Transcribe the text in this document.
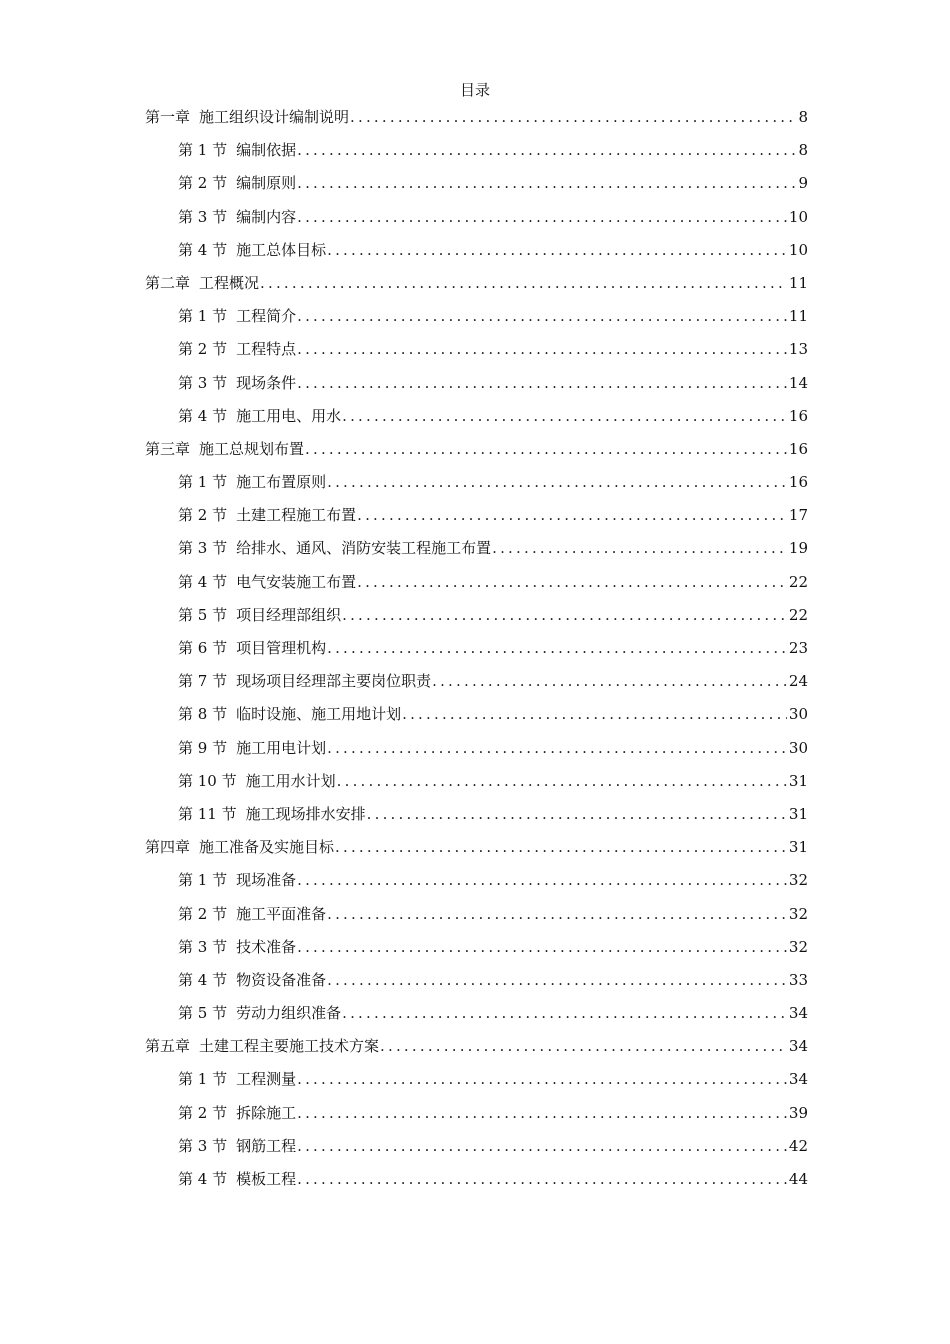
目录
第一章 施工组织设计编制说明 .....	8
第 1 节 编制依据 .....	8
第 2 节 编制原则 .....	9
第 3 节 编制内容 .....	10
第 4 节 施工总体目标 .....	10
第二章 工程概况 .....	11
第 1 节 工程简介 .....	11
第 2 节 工程特点 .....	13
第 3 节 现场条件 .....	14
第 4 节 施工用电、用水 .....	16
第三章 施工总规划布置 .....	16
第 1 节 施工布置原则 .....	16
第 2 节 土建工程施工布置 .....	17
第 3 节 给排水、通风、消防安装工程施工布置 .....	19
第 4 节 电气安装施工布置 .....	22
第 5 节 项目经理部组织 .....	22
第 6 节 项目管理机构 .....	23
第 7 节 现场项目经理部主要岗位职责 .....	24
第 8 节 临时设施、施工用地计划 .....	30
第 9 节 施工用电计划 .....	30
第 10 节 施工用水计划 .....	31
第 11 节 施工现场排水安排 .....	31
第四章 施工准备及实施目标 .....	31
第 1 节 现场准备 .....	32
第 2 节 施工平面准备 .....	32
第 3 节 技术准备 .....	32
第 4 节 物资设备准备 .....	33
第 5 节 劳动力组织准备 .....	34
第五章 土建工程主要施工技术方案 .....	34
第 1 节 工程测量 .....	34
第 2 节 拆除施工 .....	39
第 3 节 钢筋工程 .....	42
第 4 节 模板工程 .....	44
